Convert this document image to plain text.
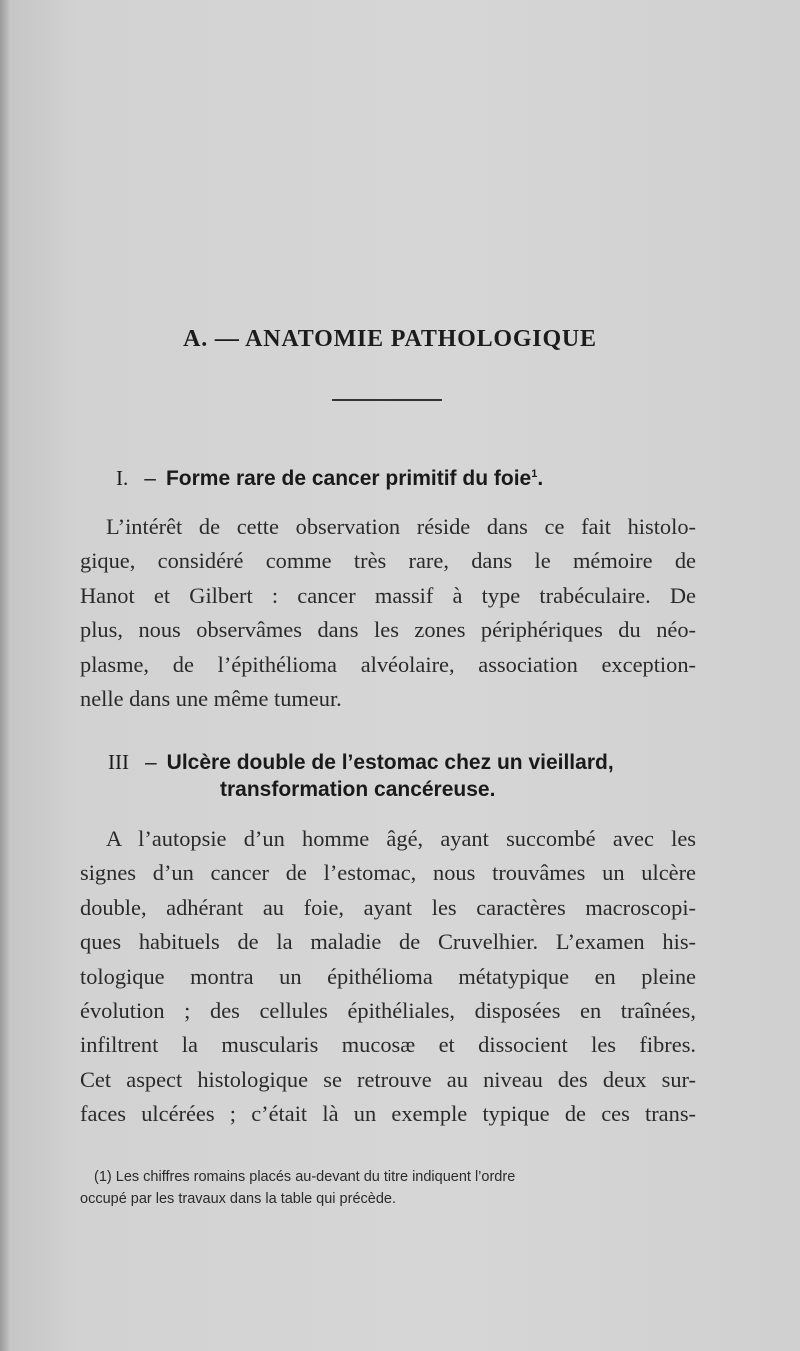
A. — ANATOMIE PATHOLOGIQUE
I. – Forme rare de cancer primitif du foie$^1$.
L’intérêt de cette observation réside dans ce fait histolo-
gique, considéré comme très rare, dans le mémoire de
Hanot et Gilbert : cancer massif à type trabéculaire. De
plus, nous observâmes dans les zones périphériques du néo-
plasme, de l’épithélioma alvéolaire, association exception-
nelle dans une même tumeur.
III – Ulcère double de l’estomac chez un vieillard,
transformation cancéreuse.
A l’autopsie d’un homme âgé, ayant succombé avec les
signes d’un cancer de l’estomac, nous trouvâmes un ulcère
double, adhérant au foie, ayant les caractères macroscopi-
ques habituels de la maladie de Cruvelhier. L’examen his-
tologique montra un épithélioma métatypique en pleine
évolution ; des cellules épithéliales, disposées en traînées,
infiltrent la muscularis mucosæ et dissocient les fibres.
Cet aspect histologique se retrouve au niveau des deux sur-
faces ulcérées ; c’était là un exemple typique de ces trans-
(1) Les chiffres romains placés au-devant du titre indiquent l’ordre
occupé par les travaux dans la table qui précède.
